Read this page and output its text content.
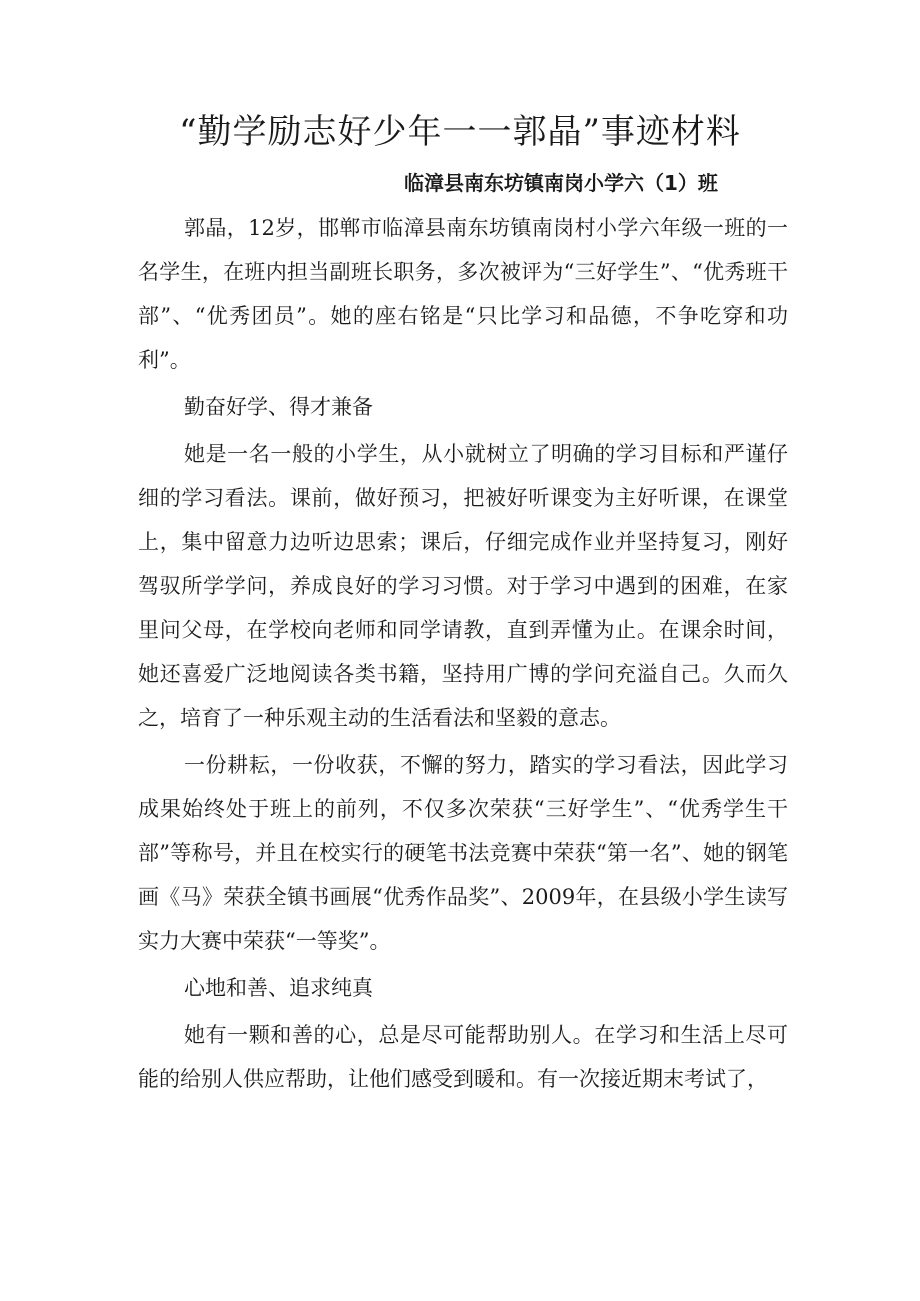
“勤学励志好少年一一郭晶”事迹材料
临漳县南东坊镇南岗小学六（1）班

郭晶，12岁，邯郸市临漳县南东坊镇南岗村小学六年级一班的一名学生，在班内担当副班长职务，多次被评为“三好学生”、“优秀班干部”、“优秀团员”。她的座右铭是“只比学习和品德，不争吃穿和功利”。

勤奋好学、得才兼备

她是一名一般的小学生，从小就树立了明确的学习目标和严谨仔细的学习看法。课前，做好预习，把被好听课变为主好听课，在课堂上，集中留意力边听边思索；课后，仔细完成作业并坚持复习，刚好驾驭所学学问，养成良好的学习习惯。对于学习中遇到的困难，在家里问父母，在学校向老师和同学请教，直到弄懂为止。在课余时间，她还喜爱广泛地阅读各类书籍，坚持用广博的学问充溢自己。久而久之，培育了一种乐观主动的生活看法和坚毅的意志。

一份耕耘，一份收获，不懈的努力，踏实的学习看法，因此学习成果始终处于班上的前列，不仅多次荣获“三好学生”、“优秀学生干部”等称号，并且在校实行的硬笔书法竞赛中荣获“第一名”、她的钢笔画《马》荣获全镇书画展“优秀作品奖”、2009年，在县级小学生读写实力大赛中荣获“一等奖”。

心地和善、追求纯真

她有一颗和善的心，总是尽可能帮助别人。在学习和生活上尽可能的给别人供应帮助，让他们感受到暖和。有一次接近期末考试了，
